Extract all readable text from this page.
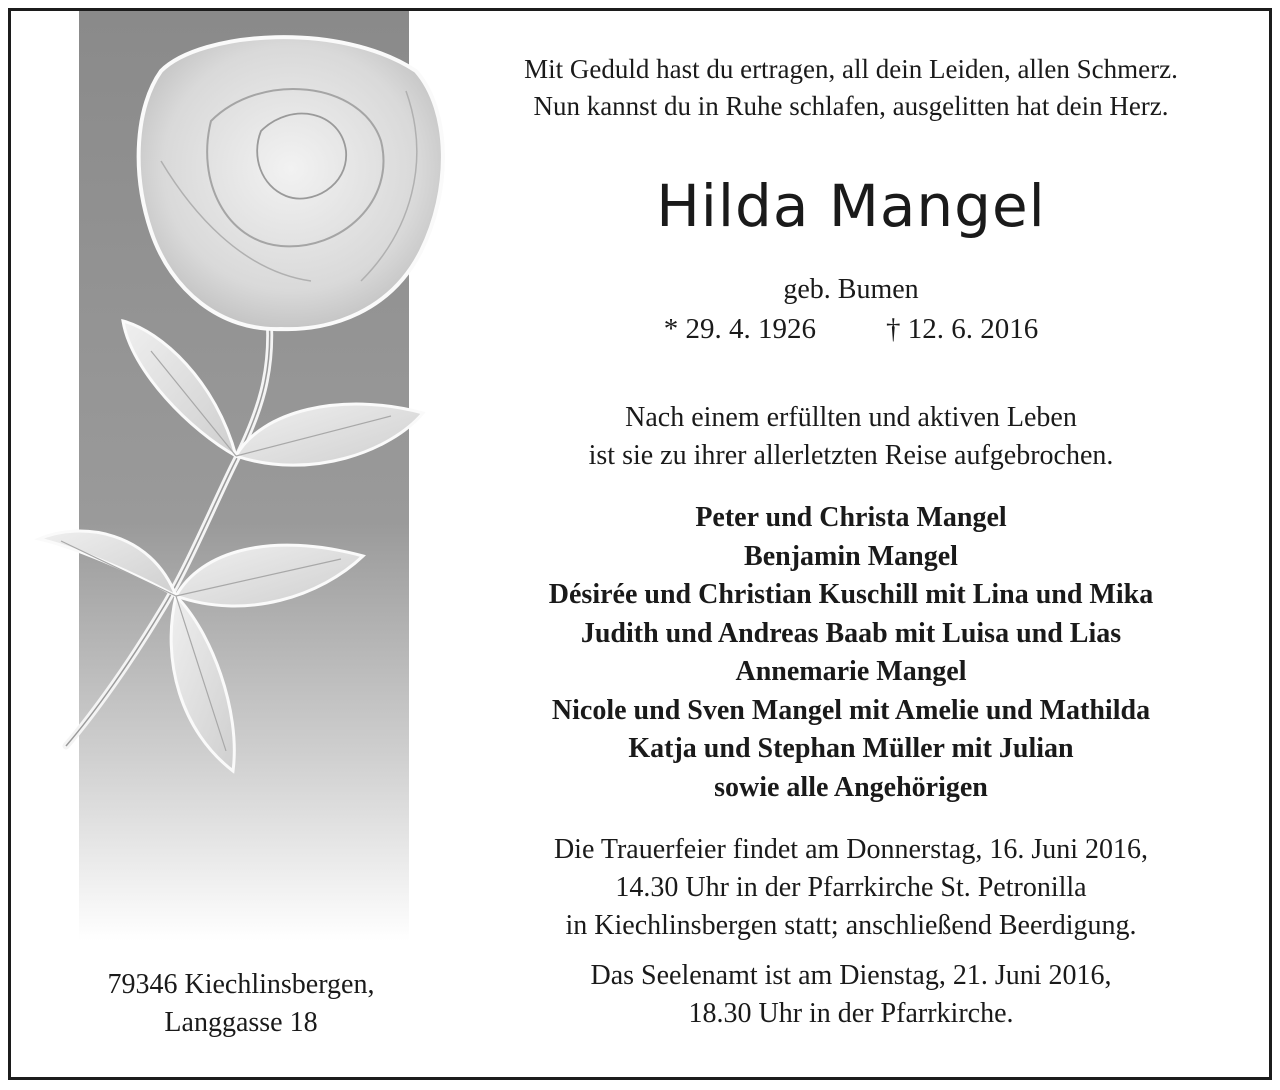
79346 Kiechlinsbergen,
Langgasse 18
Mit Geduld hast du ertragen, all dein Leiden, allen Schmerz.
Nun kannst du in Ruhe schlafen, ausgelitten hat dein Herz.
Hilda Mangel
geb. Bumen
* 29. 4. 1926 † 12. 6. 2016
Nach einem erfüllten und aktiven Leben
ist sie zu ihrer allerletzten Reise aufgebrochen.
Peter und Christa Mangel
Benjamin Mangel
Désirée und Christian Kuschill mit Lina und Mika
Judith und Andreas Baab mit Luisa und Lias
Annemarie Mangel
Nicole und Sven Mangel mit Amelie und Mathilda
Katja und Stephan Müller mit Julian
sowie alle Angehörigen
Die Trauerfeier findet am Donnerstag, 16. Juni 2016,
14.30 Uhr in der Pfarrkirche St. Petronilla
in Kiechlinsbergen statt; anschließend Beerdigung.
Das Seelenamt ist am Dienstag, 21. Juni 2016,
18.30 Uhr in der Pfarrkirche.
